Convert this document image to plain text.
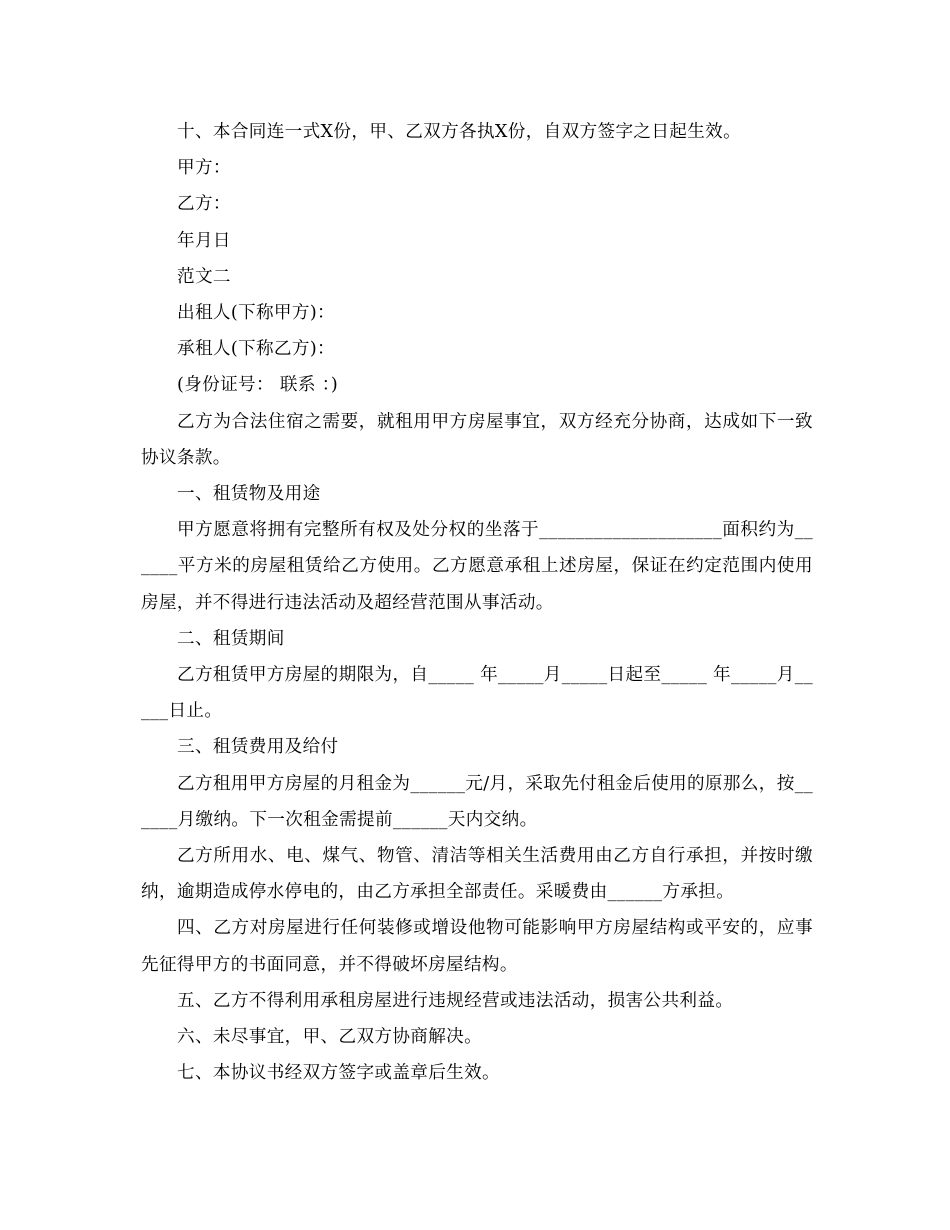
十、本合同连一式X份，甲、乙双方各执X份，自双方签字之日起生效。

甲方：

乙方：

年月日

范文二

出租人(下称甲方)：

承租人(下称乙方)：

(身份证号： 联系 ：)

乙方为合法住宿之需要，就租用甲方房屋事宜，双方经充分协商，达成如下一致协议条款。

一、租赁物及用途

甲方愿意将拥有完整所有权及处分权的坐落于____________________面积约为______平方米的房屋租赁给乙方使用。乙方愿意承租上述房屋，保证在约定范围内使用房屋，并不得进行违法活动及超经营范围从事活动。

二、租赁期间

乙方租赁甲方房屋的期限为，自_____ 年_____月_____日起至_____ 年_____月_____日止。

三、租赁费用及给付

乙方租用甲方房屋的月租金为______元/月，采取先付租金后使用的原那么，按______月缴纳。下一次租金需提前______天内交纳。

乙方所用水、电、煤气、物管、清洁等相关生活费用由乙方自行承担，并按时缴纳，逾期造成停水停电的，由乙方承担全部责任。采暖费由______方承担。

四、乙方对房屋进行任何装修或增设他物可能影响甲方房屋结构或平安的，应事先征得甲方的书面同意，并不得破坏房屋结构。

五、乙方不得利用承租房屋进行违规经营或违法活动，损害公共利益。

六、未尽事宜，甲、乙双方协商解决。

七、本协议书经双方签字或盖章后生效。
